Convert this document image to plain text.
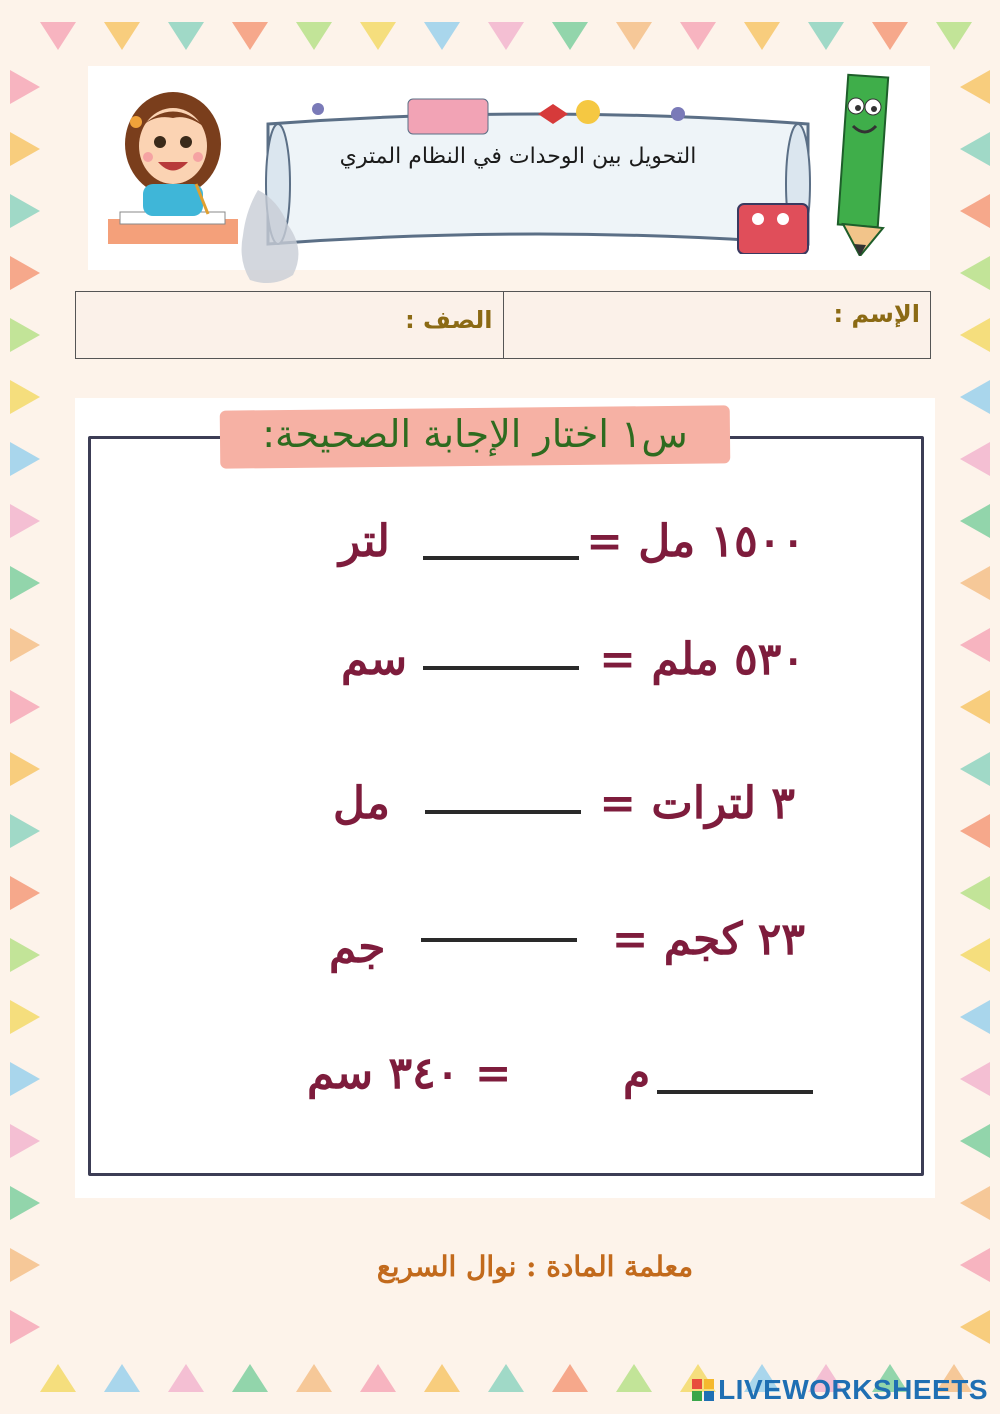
التحويل بين الوحدات في النظام المتري
الصف :	الإسم :
س١ اختار الإجابة الصحيحة:
١٥٠٠ مل =
لتر
٥٣٠ ملم =
سم
٣ لترات =
مل
٢٣ كجم =
جم
م
= ٣٤٠ سم
معلمة المادة : نوال السريع
LIVEWORKSHEETS
